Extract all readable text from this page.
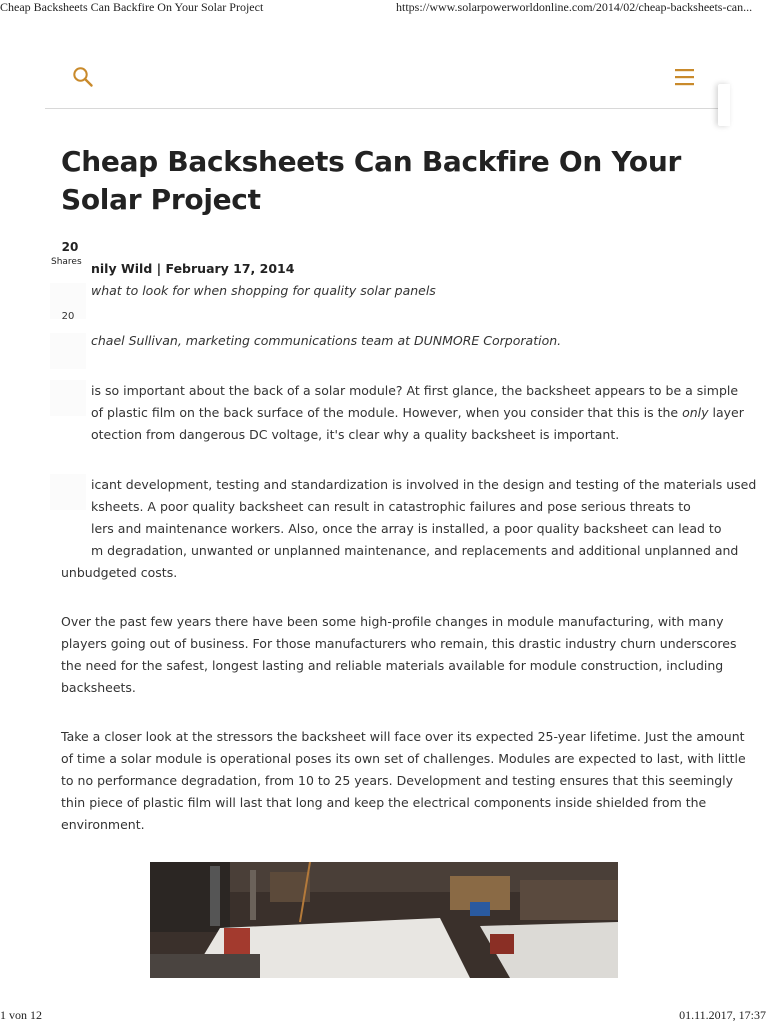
Cheap Backsheets Can Backfire On Your Solar Project	https://www.solarpowerworldonline.com/2014/02/cheap-backsheets-can...
Cheap Backsheets Can Backfire On Your
Solar Project
20
Shares
20

nily Wild | February 17, 2014

what to look for when shopping for quality solar panels

chael Sullivan, marketing communications team at DUNMORE Corporation.

is so important about the back of a solar module? At first glance, the backsheet appears to be a simple
of plastic film on the back surface of the module. However, when you consider that this is the only layer
otection from dangerous DC voltage, it's clear why a quality backsheet is important.

icant development, testing and standardization is involved in the design and testing of the materials used
ksheets. A poor quality backsheet can result in catastrophic failures and pose serious threats to
lers and maintenance workers. Also, once the array is installed, a poor quality backsheet can lead to
m degradation, unwanted or unplanned maintenance, and replacements and additional unplanned and
unbudgeted costs.

Over the past few years there have been some high-profile changes in module manufacturing, with many
players going out of business. For those manufacturers who remain, this drastic industry churn underscores
the need for the safest, longest lasting and reliable materials available for module construction, including
backsheets.

Take a closer look at the stressors the backsheet will face over its expected 25-year lifetime. Just the amount
of time a solar module is operational poses its own set of challenges. Modules are expected to last, with little
to no performance degradation, from 10 to 25 years. Development and testing ensures that this seemingly
thin piece of plastic film will last that long and keep the electrical components inside shielded from the
environment.

1 von 12	01.11.2017, 17:37
